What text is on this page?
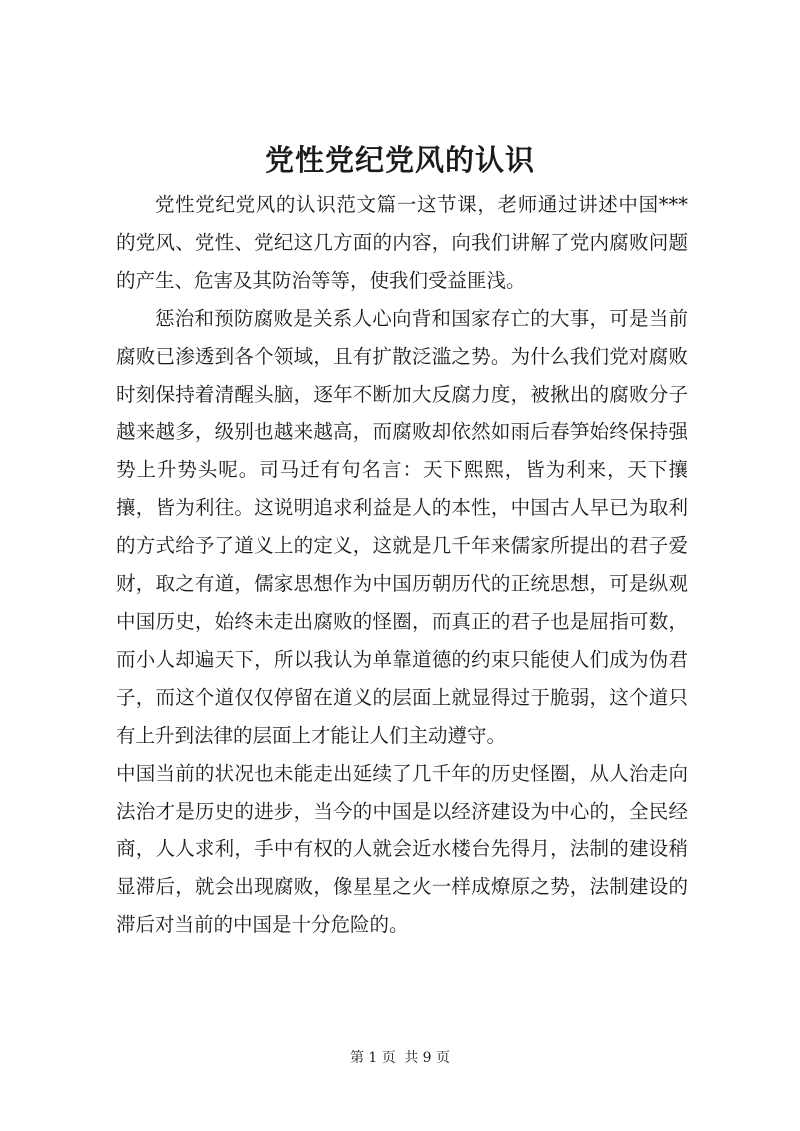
党性党纪党风的认识

党性党纪党风的认识范文篇一这节课，老师通过讲述中国***的党风、党性、党纪这几方面的内容，向我们讲解了党内腐败问题的产生、危害及其防治等等，使我们受益匪浅。

惩治和预防腐败是关系人心向背和国家存亡的大事，可是当前腐败已渗透到各个领域，且有扩散泛滥之势。为什么我们党对腐败时刻保持着清醒头脑，逐年不断加大反腐力度，被揪出的腐败分子越来越多，级别也越来越高，而腐败却依然如雨后春笋始终保持强势上升势头呢。司马迁有句名言：天下熙熙，皆为利来，天下攘攘，皆为利往。这说明追求利益是人的本性，中国古人早已为取利的方式给予了道义上的定义，这就是几千年来儒家所提出的君子爱财，取之有道，儒家思想作为中国历朝历代的正统思想，可是纵观中国历史，始终未走出腐败的怪圈，而真正的君子也是屈指可数，而小人却遍天下，所以我认为单靠道德的约束只能使人们成为伪君子，而这个道仅仅停留在道义的层面上就显得过于脆弱，这个道只有上升到法律的层面上才能让人们主动遵守。

中国当前的状况也未能走出延续了几千年的历史怪圈，从人治走向法治才是历史的进步，当今的中国是以经济建设为中心的，全民经商，人人求利，手中有权的人就会近水楼台先得月，法制的建设稍显滞后，就会出现腐败，像星星之火一样成燎原之势，法制建设的滞后对当前的中国是十分危险的。

第 1 页 共 9 页
